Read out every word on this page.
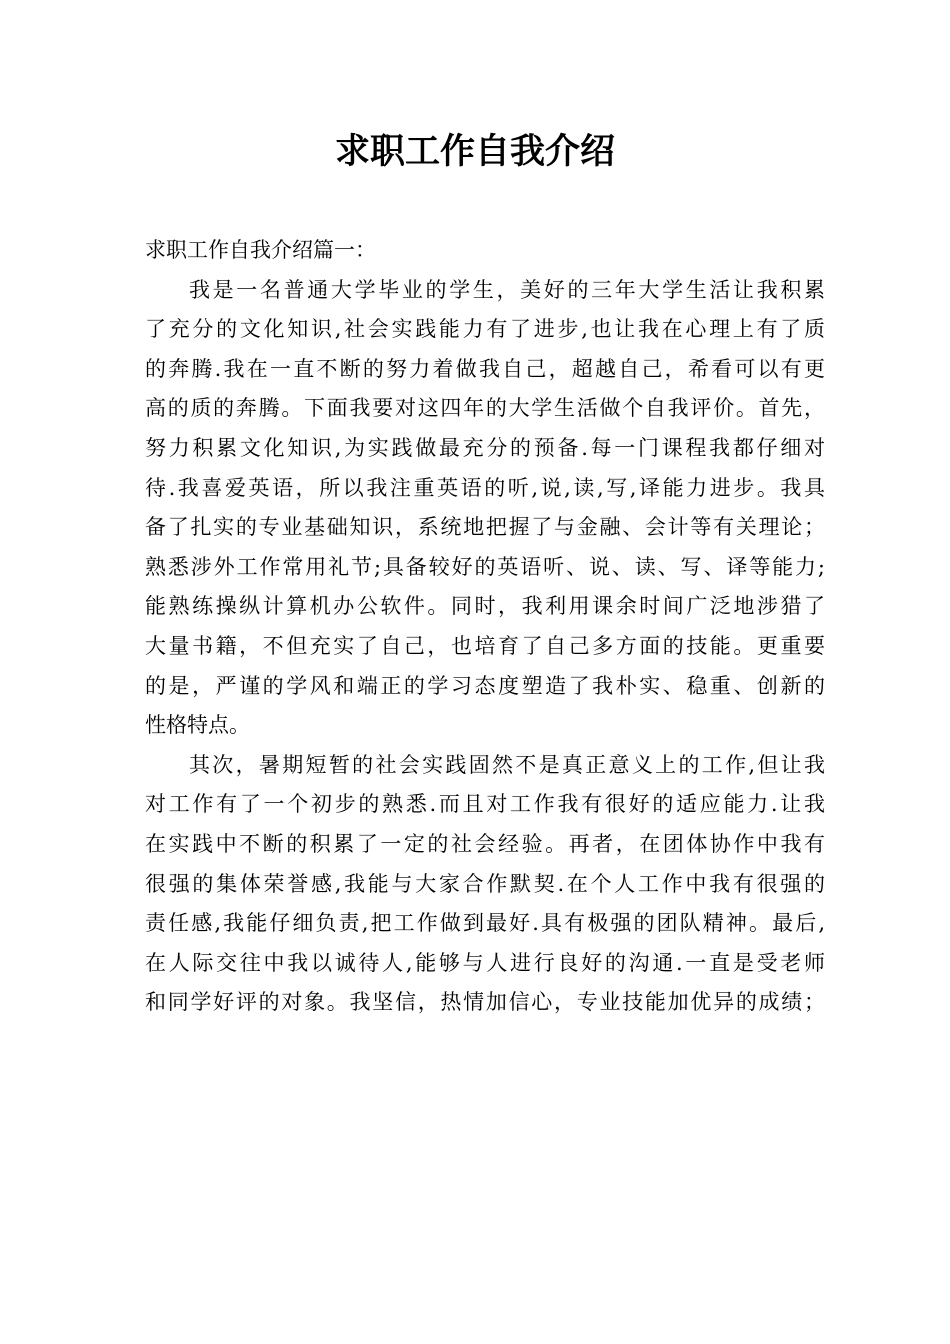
求职工作自我介绍
求职工作自我介绍篇一：
我是一名普通大学毕业的学生，美好的三年大学生活让我积累
了充分的文化知识,社会实践能力有了进步,也让我在心理上有了质
的奔腾.我在一直不断的努力着做我自己，超越自己，希看可以有更
高的质的奔腾。下面我要对这四年的大学生活做个自我评价。首先，
努力积累文化知识,为实践做最充分的预备.每一门课程我都仔细对
待.我喜爱英语，所以我注重英语的听,说,读,写,译能力进步。我具
备了扎实的专业基础知识，系统地把握了与金融、会计等有关理论；
熟悉涉外工作常用礼节;具备较好的英语听、说、读、写、译等能力;
能熟练操纵计算机办公软件。同时，我利用课余时间广泛地涉猎了
大量书籍，不但充实了自己，也培育了自己多方面的技能。更重要
的是，严谨的学风和端正的学习态度塑造了我朴实、稳重、创新的
性格特点。
其次，暑期短暂的社会实践固然不是真正意义上的工作,但让我
对工作有了一个初步的熟悉.而且对工作我有很好的适应能力.让我
在实践中不断的积累了一定的社会经验。再者，在团体协作中我有
很强的集体荣誉感,我能与大家合作默契.在个人工作中我有很强的
责任感,我能仔细负责,把工作做到最好.具有极强的团队精神。最后,
在人际交往中我以诚待人,能够与人进行良好的沟通.一直是受老师
和同学好评的对象。我坚信，热情加信心，专业技能加优异的成绩；
